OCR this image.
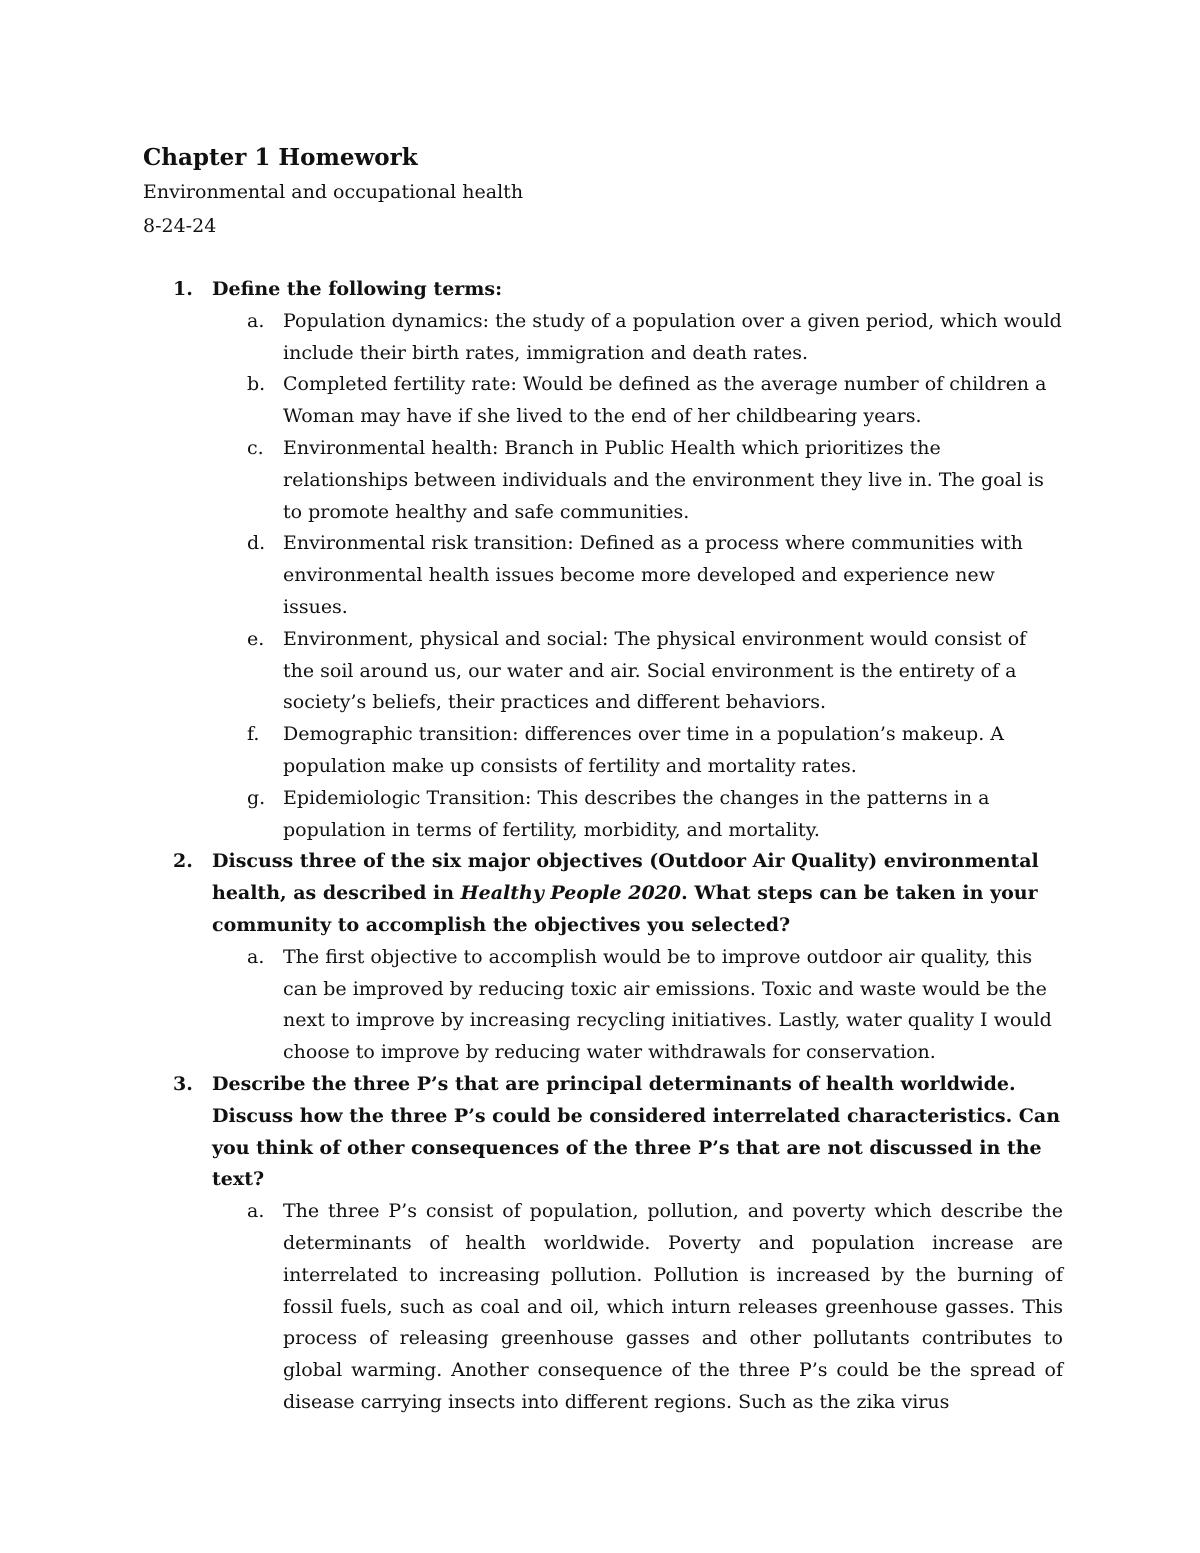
Chapter 1 Homework

Environmental and occupational health

8-24-24

1. Define the following terms:

a. Population dynamics: the study of a population over a given period, which would include their birth rates, immigration and death rates.
b. Completed fertility rate: Would be defined as the average number of children a Woman may have if she lived to the end of her childbearing years.
c. Environmental health: Branch in Public Health which prioritizes the relationships between individuals and the environment they live in. The goal is to promote healthy and safe communities.
d. Environmental risk transition: Defined as a process where communities with environmental health issues become more developed and experience new issues.
e. Environment, physical and social: The physical environment would consist of the soil around us, our water and air. Social environment is the entirety of a society’s beliefs, their practices and different behaviors.
f. Demographic transition: differences over time in a population’s makeup. A population make up consists of fertility and mortality rates.
g. Epidemiologic Transition: This describes the changes in the patterns in a population in terms of fertility, morbidity, and mortality.
2. Discuss three of the six major objectives (Outdoor Air Quality) environmental health, as described in Healthy People 2020. What steps can be taken in your community to accomplish the objectives you selected?

a. The first objective to accomplish would be to improve outdoor air quality, this can be improved by reducing toxic air emissions. Toxic and waste would be the next to improve by increasing recycling initiatives. Lastly, water quality I would choose to improve by reducing water withdrawals for conservation.
3. Describe the three P’s that are principal determinants of health worldwide. Discuss how the three P’s could be considered interrelated characteristics. Can you think of other consequences of the three P’s that are not discussed in the text?

a. The three P’s consist of population, pollution, and poverty which describe the determinants of health worldwide. Poverty and population increase are interrelated to increasing pollution. Pollution is increased by the burning of fossil fuels, such as coal and oil, which inturn releases greenhouse gasses. This process of releasing greenhouse gasses and other pollutants contributes to global warming. Another consequence of the three P’s could be the spread of disease carrying insects into different regions. Such as the zika virus
